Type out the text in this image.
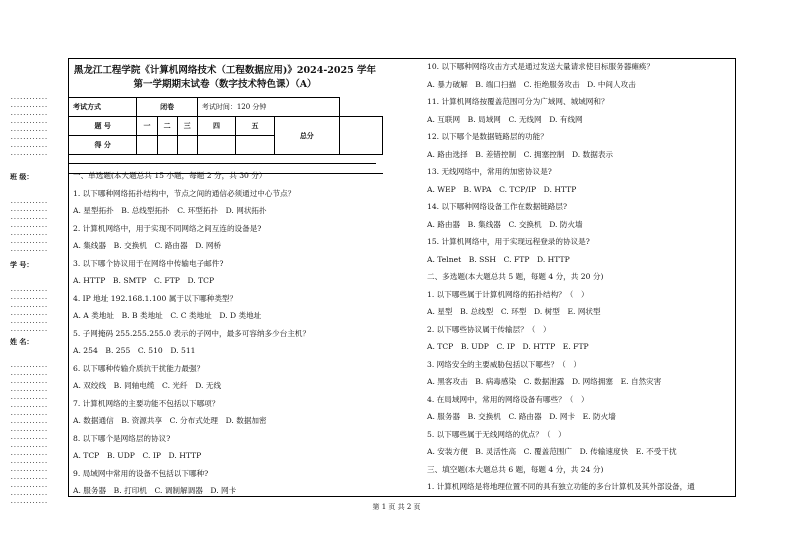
黑龙江工程学院《计算机网络技术（工程数据应用)》2024-2025 学年
第一学期期末试卷（数字技术特色课）（A）
考试方式	闭卷			考试时间：120 分钟			
题 号	一	二	三	四	五	总分	
得 分							

一、单选题(本大题总共 15 小题，每题 2 分，共 30 分）
1. 以下哪种网络拓扑结构中，节点之间的通信必须通过中心节点？
A. 星型拓扑　B. 总线型拓扑　C. 环型拓扑　D. 网状拓扑
2. 计算机网络中，用于实现不同网络之间互连的设备是?
A. 集线器　B. 交换机　C. 路由器　D. 网桥
3. 以下哪个协议用于在网络中传输电子邮件?
A. HTTP　B. SMTP　C. FTP　D. TCP
4. IP 地址 192.168.1.100 属于以下哪种类型？
A. A 类地址　B. B 类地址　C. C 类地址　D. D 类地址
5. 子网掩码 255.255.255.0 表示的子网中，最多可容纳多少台主机？
A. 254　B. 255　C. 510　D. 511
6. 以下哪种传输介质抗干扰能力最强？
A. 双绞线　B. 同轴电缆　C. 光纤　D. 无线
7. 计算机网络的主要功能不包括以下哪项？
A. 数据通信　B. 资源共享　C. 分布式处理　D. 数据加密
8. 以下哪个是网络层的协议?
A. TCP　B. UDP　C. IP　D. HTTP
9. 局域网中常用的设备不包括以下哪种?
A. 服务器　B. 打印机　C. 调制解调器　D. 网卡
10. 以下哪种网络攻击方式是通过发送大量请求使目标服务器瘫痪？
A. 暴力破解　B. 端口扫描　C. 拒绝服务攻击　D. 中间人攻击
11. 计算机网络按覆盖范围可分为广域网、城域网和？
A. 互联网　B. 局域网　C. 无线网　D. 有线网
12. 以下哪个是数据链路层的功能？
A. 路由选择　B. 差错控制　C. 拥塞控制　D. 数据表示
13. 无线网络中，常用的加密协议是?
A. WEP　B. WPA　C. TCP/IP　D. HTTP
14. 以下哪种网络设备工作在数据链路层?
A. 路由器　B. 集线器　C. 交换机　D. 防火墙
15. 计算机网络中，用于实现远程登录的协议是?
A. Telnet　B. SSH　C. FTP　D. HTTP
二、多选题(本大题总共 5 题，每题 4 分，共 20 分)
1. 以下哪些属于计算机网络的拓扑结构？（　）
A. 星型　B. 总线型　C. 环型　D. 树型　E. 网状型
2. 以下哪些协议属于传输层？（　）
A. TCP　B. UDP　C. IP　D. HTTP　E. FTP
3. 网络安全的主要威胁包括以下哪些？（　）
A. 黑客攻击　B. 病毒感染　C. 数据泄露　D. 网络拥塞　E. 自然灾害
4. 在局域网中，常用的网络设备有哪些？（　）
A. 服务器　B. 交换机　C. 路由器　D. 网卡　E. 防火墙
5. 以下哪些属于无线网络的优点？（　）
A. 安装方便　B. 灵活性高　C. 覆盖范围广　D. 传输速度快　E. 不受干扰
三、填空题(本大题总共 6 题，每题 4 分，共 24 分)
1. 计算机网络是将地理位置不同的具有独立功能的多台计算机及其外部设备，通
............
............
............
............
............
............
............
............
............
............
............
............
............
............
............
............
............
............
............
............
............
............
............
............
............
............
............
............
............
............
............
............
............
............
............
............
............
............
............
班 级：
学 号：
姓 名：
第 1 页 共 2 页
